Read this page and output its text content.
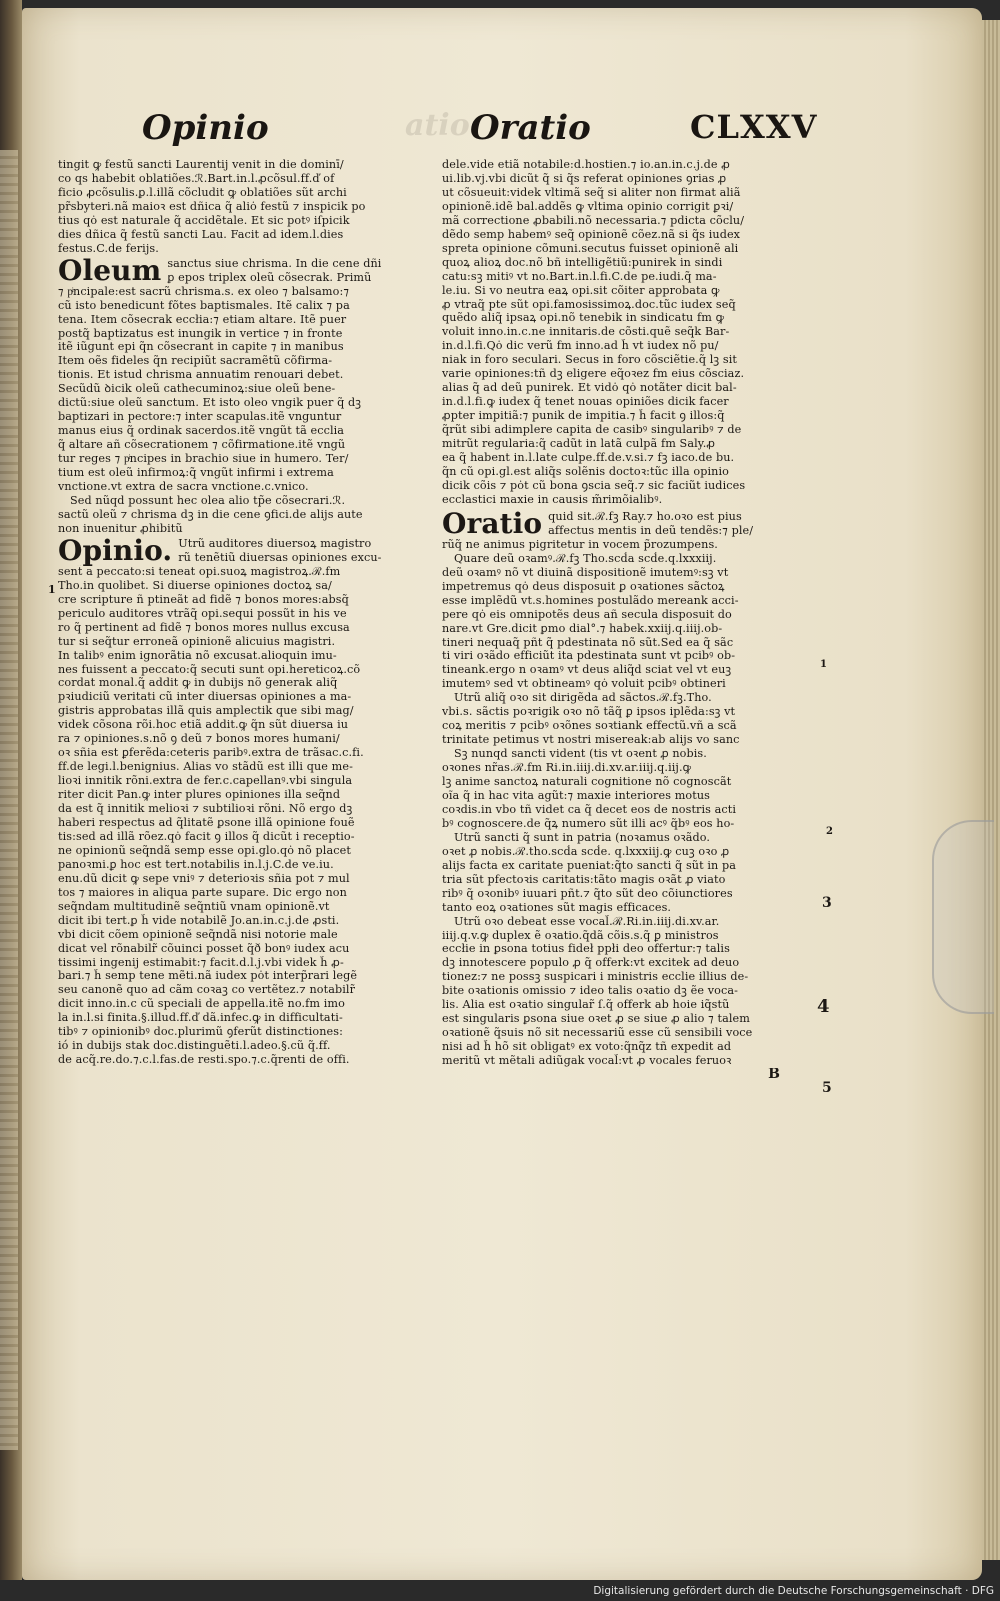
atio
Opinio	Oratio	CLXXV
tingit ꝙ festũ sancti Laurentij venit in die dominī/
co qs habebit oblatiões.ℛ.Bart.in.l.ꝓcõsul.ff.ď of
ficio ꝓcõsulis.ꝑ.l.illã cõcludit ꝙ oblatiões sũt archi
pr̃sbyteri.nã maioꝛ est dñica q̃ aliȯ festũ ⁊ inspicik po
tius qȯ est naturale q̃ accidẽtale. Et sic potꝰ iſpicik
dies dñica q̃ festũ sancti Lau. Facit ad idem.l.dies
festus.C.de ferijs.
Oleum sanctus siue chrisma. In die cene dñi
ꝑ epos triplex oleũ cõsecrak. Primũ
⁊ pͥncipale:est sacrũ chrisma.s. ex oleo ⁊ balsamo:⁊
cũ isto benedicunt̃ fõtes baptismales. Itẽ calix ⁊ pa
tena. Item cõsecrak eccłia:⁊ etiam altare. Itẽ puer
postq̃ baptizatus est inungik in vertice ⁊ in fronte
itẽ iũgunt̃ epi q̃n cõsecrant̃ in capite ⁊ in manibus
Item oẽs fideles q̃n recipiũt sacramẽtũ cõfirma-
tionis. Et istud chrisma annuatim renouari debet.
Secũdũ ꝺicik oleũ cathecuminoꝝ:siue oleũ bene-
dictũ:siue oleũ sanctum. Et isto oleo vngik puer q̃ dꝫ
baptizari in pectore:⁊ inter scapulas.itẽ vnguntur
manus eius q̃ ordinak sacerdos.itẽ vngũt̃ tã ecclia
q̃ altare añ cõsecrationem ⁊ cõfirmatione.itẽ vngũ
tur reges ⁊ pͥncipes in brachio siue in humero. Ter/
tium est oleũ infirmoꝝ:q̃ vngũt infirmi i extrema
vnctione.vt extra de sacra vnctione.c.vnico.
Sed nũqd possunt hec olea alio tp̃e cõsecrari.ℛ.
sactũ oleũ ⁊ chrisma dꝫ in die cene ꝯfici.de alijs aute
non inuenitur ꝓhibitũ
Opinio. Utrũ auditores diuersoꝝ magistro
rũ tenẽtiũ diuersas opiniones excu-
sent̃ a peccato:si teneat opi.suoꝝ magistroꝝ.ℛ.fm
Tho.in quolibet. Si diuerse opiniones doctoꝝ sa/
cre scripture ñ ptineãt ad fidẽ ⁊ bonos mores:absq̃
periculo auditores vtrãq̃ opi.sequi possũt in his ve
ro q̃ pertinent ad fidẽ ⁊ bonos mores nullus excusa
tur si seq̃tur erroneã opinionẽ alicuius magistri.
In talibꝰ enim ignorãtia nõ excusat.alioquin imu-
nes fuissent a peccato:q̃ secuti sunt opi.hereticoꝝ.cõ
cordat monal.q̃ addit ꝙ in dubijs nõ generak aliq̃
pꝛiudiciũ veritati cũ inter diuersas opiniones a ma-
gistris approbatas illã quis amplectik que sibi mag/
videk cõsona rõi.hoc etiã addit.ꝙ q̃n sũt diuersa iu
ra ⁊ opiniones.s.nõ ꝯ deũ ⁊ bonos mores humani/
oꝛ sñia est ꝑferẽda:ceteris paribꝰ.extra de trãsac.c.fi.
ff.de legi.l.benignius. Alias vo stãdũ est illi que me-
lioꝛi innitik rõni.extra de fer.c.capellanꝰ.vbi singula
riter dicit Pan.ꝙ inter plures opiniones illa seq̃nd
da est q̃ innitik melioꝛi ⁊ subtilioꝛi rõni. Nõ ergo dꝫ
haberi respectus ad q̃litatẽ ꝑsone illã opinione fouẽ
tis:sed ad illã rõez.qȯ facit ꝯ illos q̃ dicũt i receptio-
ne opinionũ seq̃ndã semp esse opi.glo.qȯ nõ placet
panoꝛmi.ꝑ hoc est tert.notabilis in.l.j.C.de ve.iu.
enu.dũ dicit ꝙ sepe vniꝰ ⁊ deterioꝛis sñia pot ⁊ mul
tos ⁊ maiores in aliqua parte supare. Dic ergo non
seq̃ndam multitudinẽ seq̃ntiũ vnam opinionẽ.vt
dicit ibi tert.ꝑ h̃ vide notabilẽ Jo.an.in.c.j.de ꝓsti.
vbi dicit cõem opinionẽ seq̃ndã nisi notorie male
dicat vel rõnabilr̃ cõuinci posset q̃ð bonꝰ iudex acu
tissimi ingenij estimabit:⁊ facit.d.l.j.vbi videk h̃ ꝓ-
bari.⁊ h̃ semp tene mẽti.nã iudex pȯt interp̃rari legẽ
seu canonẽ quo ad cãm coꝛaꝫ co vertẽtez.⁊ notabilr̃
dicit inno.in.c cũ speciali de appella.itẽ no.fm imo
la in.l.si finita.§.illud.ff.ď dã.infec.ꝙ in difficultati-
tibꝰ ⁊ opinionibꝰ doc.plurimũ ꝯferũt distinctiones:
ió in dubijs stak doc.distinguẽti.l.adeo.§.cũ q̃.ff.
de acq̃.re.do.⁊.c.l.fas.de resti.spo.⁊.c.q̃renti de offi.
dele.vide etiã notabile:d.hostien.⁊ io.an.in.c.j.de ꝓ
ui.lib.vj.vbi dicũt q̃ si q̃s referat opiniones ꝯrias ꝓ
ut cõsueuit:videk vltimã seq̃ si aliter non firmat aliã
opinionẽ.idẽ bal.addẽs ꝙ vltima opinio corrigit ꝑꝛi/
mã correctione ꝓbabili.nõ necessaria.⁊ pdicta cõclu/
dẽdo semp habemꝰ seq̃ opinionẽ cõez.nã si q̃s iudex
spreta opinione cõmuni.secutus fuisset opinionẽ ali
quoꝝ alioꝝ doc.nõ bñ intelligẽtiũ:punirek in sindi
catu:sꝫ mitiꝰ vt no.Bart.in.l.fi.C.de pe.iudi.q̃ ma-
le.iu. Si vo neutra eaꝝ opi.sit cõiter approbata ꝙ
ꝓ vtraq̃ pte sũt opi.famosissimoꝝ.doc.tũc iudex seq̃
quẽdo aliq̃ ipsaꝝ opi.nõ tenebik in sindicatu fm ꝙ
voluit inno.in.c.ne innitaris.de cõsti.quẽ seq̃k Bar-
in.d.l.fi.Qȯ dic verũ fm inno.ad h̃ vt iudex nõ pu/
niak in foro seculari. Secus in foro cõsciẽtie.q̃ lꝫ sit
varie opiniones:tñ dꝫ eligere eq̃oꝛez fm eius cõsciaz.
alias q̃ ad deũ punirek. Et vidȯ qȯ notãter dicit bal-
in.d.l.fi.ꝙ iudex q̃ tenet nouas opiniões dicik facer
ꝓpter impitiã:⁊ punik de impitia.⁊ h̃ facit ꝯ illos:q̃
q̃rũt sibi adimplere capita de casibꝰ singularibꝰ ⁊ de
mitrũt regularia:q̃ cadũt in latã culpã fm Saly.ꝓ
ea q̃ habent̃ in.l.late culpe.ff.de.v.si.⁊ fꝫ iaco.de bu.
q̃n cũ opi.gl.est aliq̃s solẽnis doctoꝛ:tũc illa opinio
dicik cõis ⁊ pȯt cũ bona ꝯscia seq̃.⁊ sic faciũt iudices
ecclastici maxie in causis m̃rimõialibꝰ.
Oratio quid sit.ℛ.fꝫ Ray.⁊ ho.oꝛo est pius
affectus mentis in deũ tendẽs:⁊ ple/
rũq̃ ne animus pigritetur in vocem p̃rozumpens.
Quare deũ oꝛamꝰ.ℛ.fꝫ Tho.scḋa scḋe.q.lxxxiij.
deũ oꝛamꝰ nõ vt diuinã dispositionẽ imutemꝰ:sꝫ vt
impetremus qȯ deus disposuit ꝑ oꝛationes sãctoꝝ
esse implẽdũ vt.s.homines postulãdo mereank acci-
pere qȯ eis omnipotẽs deus añ secula disposuit do
nare.vt Gre.dicit ꝑmo dial°.⁊ habek.xxiij.q.iiij.ob-
tineri nequaq̃ pñt q̃ pdestinata nõ sũt.Sed ea q̃ sãc
ti viri oꝛãdo efficiũt ita pdestinata sunt vt pcibꝰ ob-
tineank.ergo n oꝛamꝰ vt deus aliq̃d sciat vel vt euꝫ
imutemꝰ sed vt obtineamꝰ qȯ voluit pcibꝰ obtineri
Utrũ aliq̃ oꝛo sit dirigẽda ad sãctos.ℛ.fꝫ.Tho.
vbi.s. sãctis poꝛrigik oꝛo nõ tãq̃ ꝑ ipsos iplẽda:sꝫ vt
coꝝ meritis ⁊ pcibꝰ oꝛõnes soꝛtiank effectũ.vñ a scã
trinitate petimus vt nostri misereak:ab alijs vo sanc
Sꝫ nunqd sancti vident (tis vt oꝛent ꝓ nobis.
oꝛones nr̃as.ℛ.fm Ri.in.iiij.di.xv.ar.iiij.q.iij.ꝙ
lꝫ anime sanctoꝝ naturali cognitione nõ cognoscãt
oĩa q̃ in hac vita agũt:⁊ maxie interiores motus
coꝛdis.in vbo tñ videt ca q̃ decet eos de nostris acti
bꝰ cognoscere.de q̃ꝝ numero sũt illi acꝰ q̃bꝰ eos ho-
Utrũ sancti q̃ sunt in patria (noꝛamus oꝛãdo.
oꝛet ꝓ nobis.ℛ.tho.scḋa scḋe. q.lxxxiij.ꝙ cuꝫ oꝛo ꝓ
alijs facta ex caritate pueniat:q̃to sancti q̃ sũt in pa
tria sũt pfectoꝛis caritatis:tãto magis oꝛãt ꝓ viato
ribꝰ q̃ oꝛonibꝰ iuuari pñt.⁊ q̃to sũt deo cõiunctiores
tanto eoꝝ oꝛationes sũt magis efficaces.
Utrũ oꝛo debeat esse vocal̃.ℛ.Ri.in.iiij.di.xv.ar.
iiij.q.v.ꝙ duplex ẽ oꝛatio.q̃dã cõis.s.q̃ ꝑ ministros
eccłie in ꝑsona totius fideł ppłi deo offertur:⁊ talis
dꝫ innotescere populo ꝓ q̃ offerk:vt excitek ad deuo
tionez:⁊ ne possꝫ suspicari i ministris ecclie illius de-
bite oꝛationis omissio ⁊ ideo talis oꝛatio dꝫ ẽe voca-
lis. Alia est oꝛatio singular̃ ſ.q̃ offerk ab hoie iq̃stũ
est singularis ꝑsona siue oꝛet ꝓ se siue ꝓ alio ⁊ talem
oꝛationẽ q̃suis nõ sit necessariũ esse cũ sensibili voce
nisi ad h̃ hõ sit obligatꝰ ex voto:q̃nq̃z tñ expedit ad
meritũ vt mẽtali adiũgak vocal̃:vt ꝓ vocales feruoꝛ
B
1
1
2
3
4
5
Digitalisierung gefördert durch die Deutsche Forschungsgemeinschaft · DFG
